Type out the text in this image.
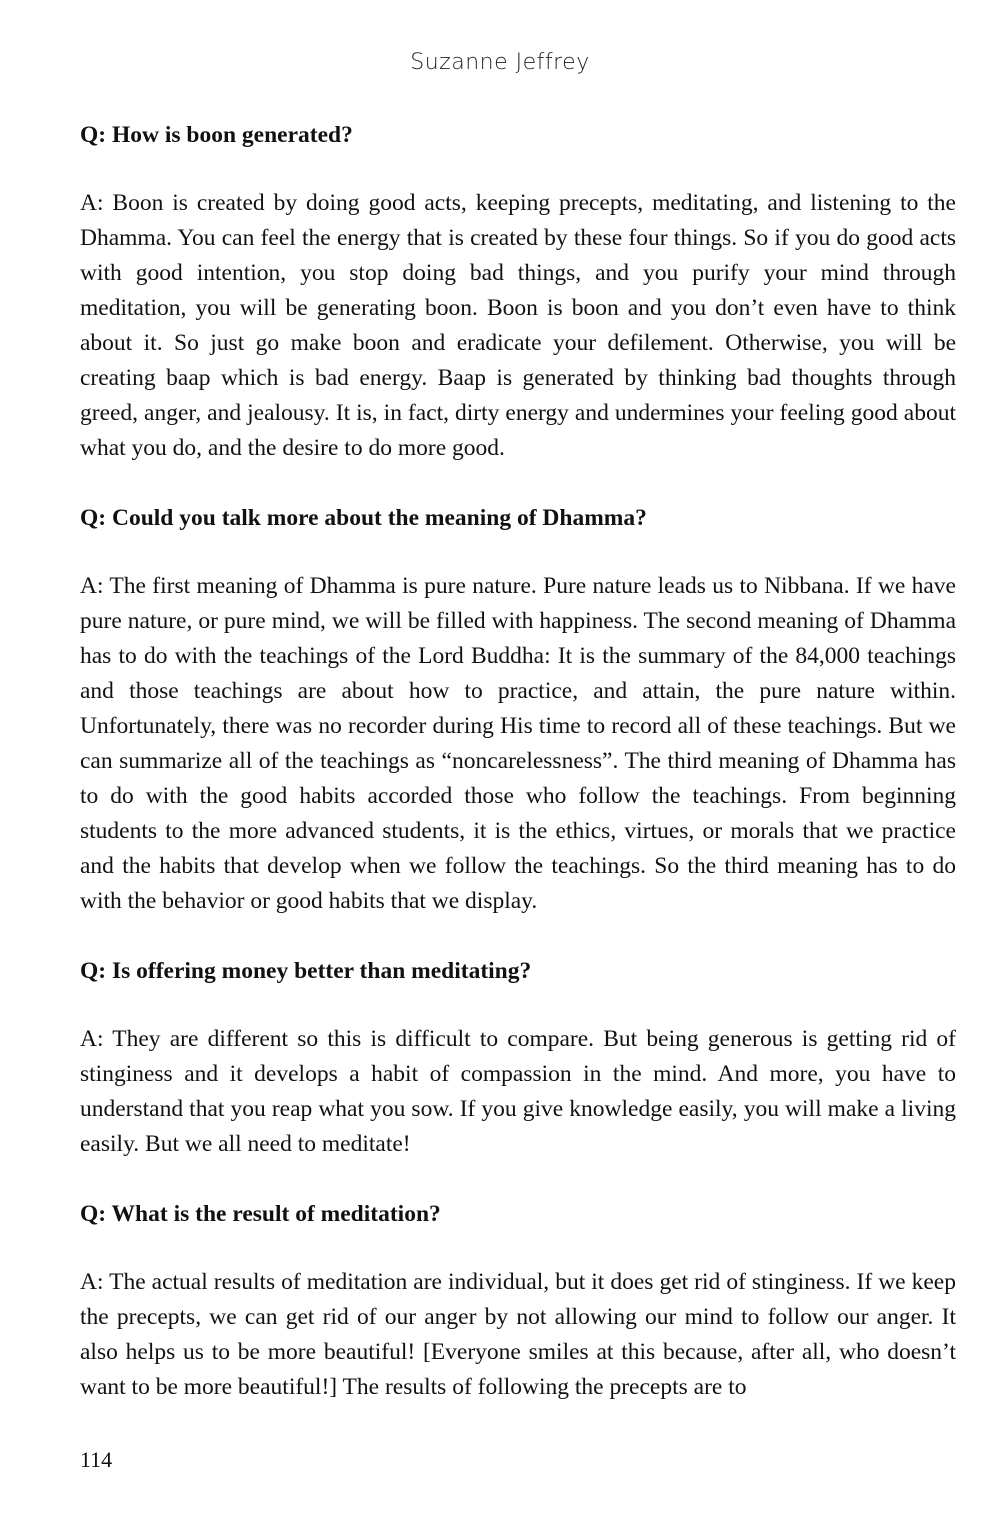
Suzanne Jeffrey

Q: How is boon generated?

A: Boon is created by doing good acts, keeping precepts, meditating, and listening to the Dhamma. You can feel the energy that is created by these four things. So if you do good acts with good intention, you stop doing bad things, and you purify your mind through meditation, you will be generating boon. Boon is boon and you don’t even have to think about it. So just go make boon and eradicate your defilement. Otherwise, you will be creating baap which is bad energy. Baap is generated by thinking bad thoughts through greed, anger, and jealousy. It is, in fact, dirty energy and undermines your feeling good about what you do, and the desire to do more good.

Q: Could you talk more about the meaning of Dhamma?

A: The first meaning of Dhamma is pure nature. Pure nature leads us to Nibbana. If we have pure nature, or pure mind, we will be filled with happiness. The second meaning of Dhamma has to do with the teachings of the Lord Buddha: It is the summary of the 84,000 teachings and those teachings are about how to practice, and attain, the pure nature within. Unfortunately, there was no recorder during His time to record all of these teachings. But we can summarize all of the teachings as “noncarelessness”. The third meaning of Dhamma has to do with the good habits accorded those who follow the teachings. From beginning students to the more advanced students, it is the ethics, virtues, or morals that we practice and the habits that develop when we follow the teachings. So the third meaning has to do with the behavior or good habits that we display.

Q: Is offering money better than meditating?

A: They are different so this is difficult to compare. But being generous is getting rid of stinginess and it develops a habit of compassion in the mind. And more, you have to understand that you reap what you sow. If you give knowledge easily, you will make a living easily. But we all need to meditate!

Q: What is the result of meditation?

A: The actual results of meditation are individual, but it does get rid of stinginess. If we keep the precepts, we can get rid of our anger by not allowing our mind to follow our anger. It also helps us to be more beautiful! [Everyone smiles at this because, after all, who doesn’t want to be more beautiful!] The results of following the precepts are to

114
